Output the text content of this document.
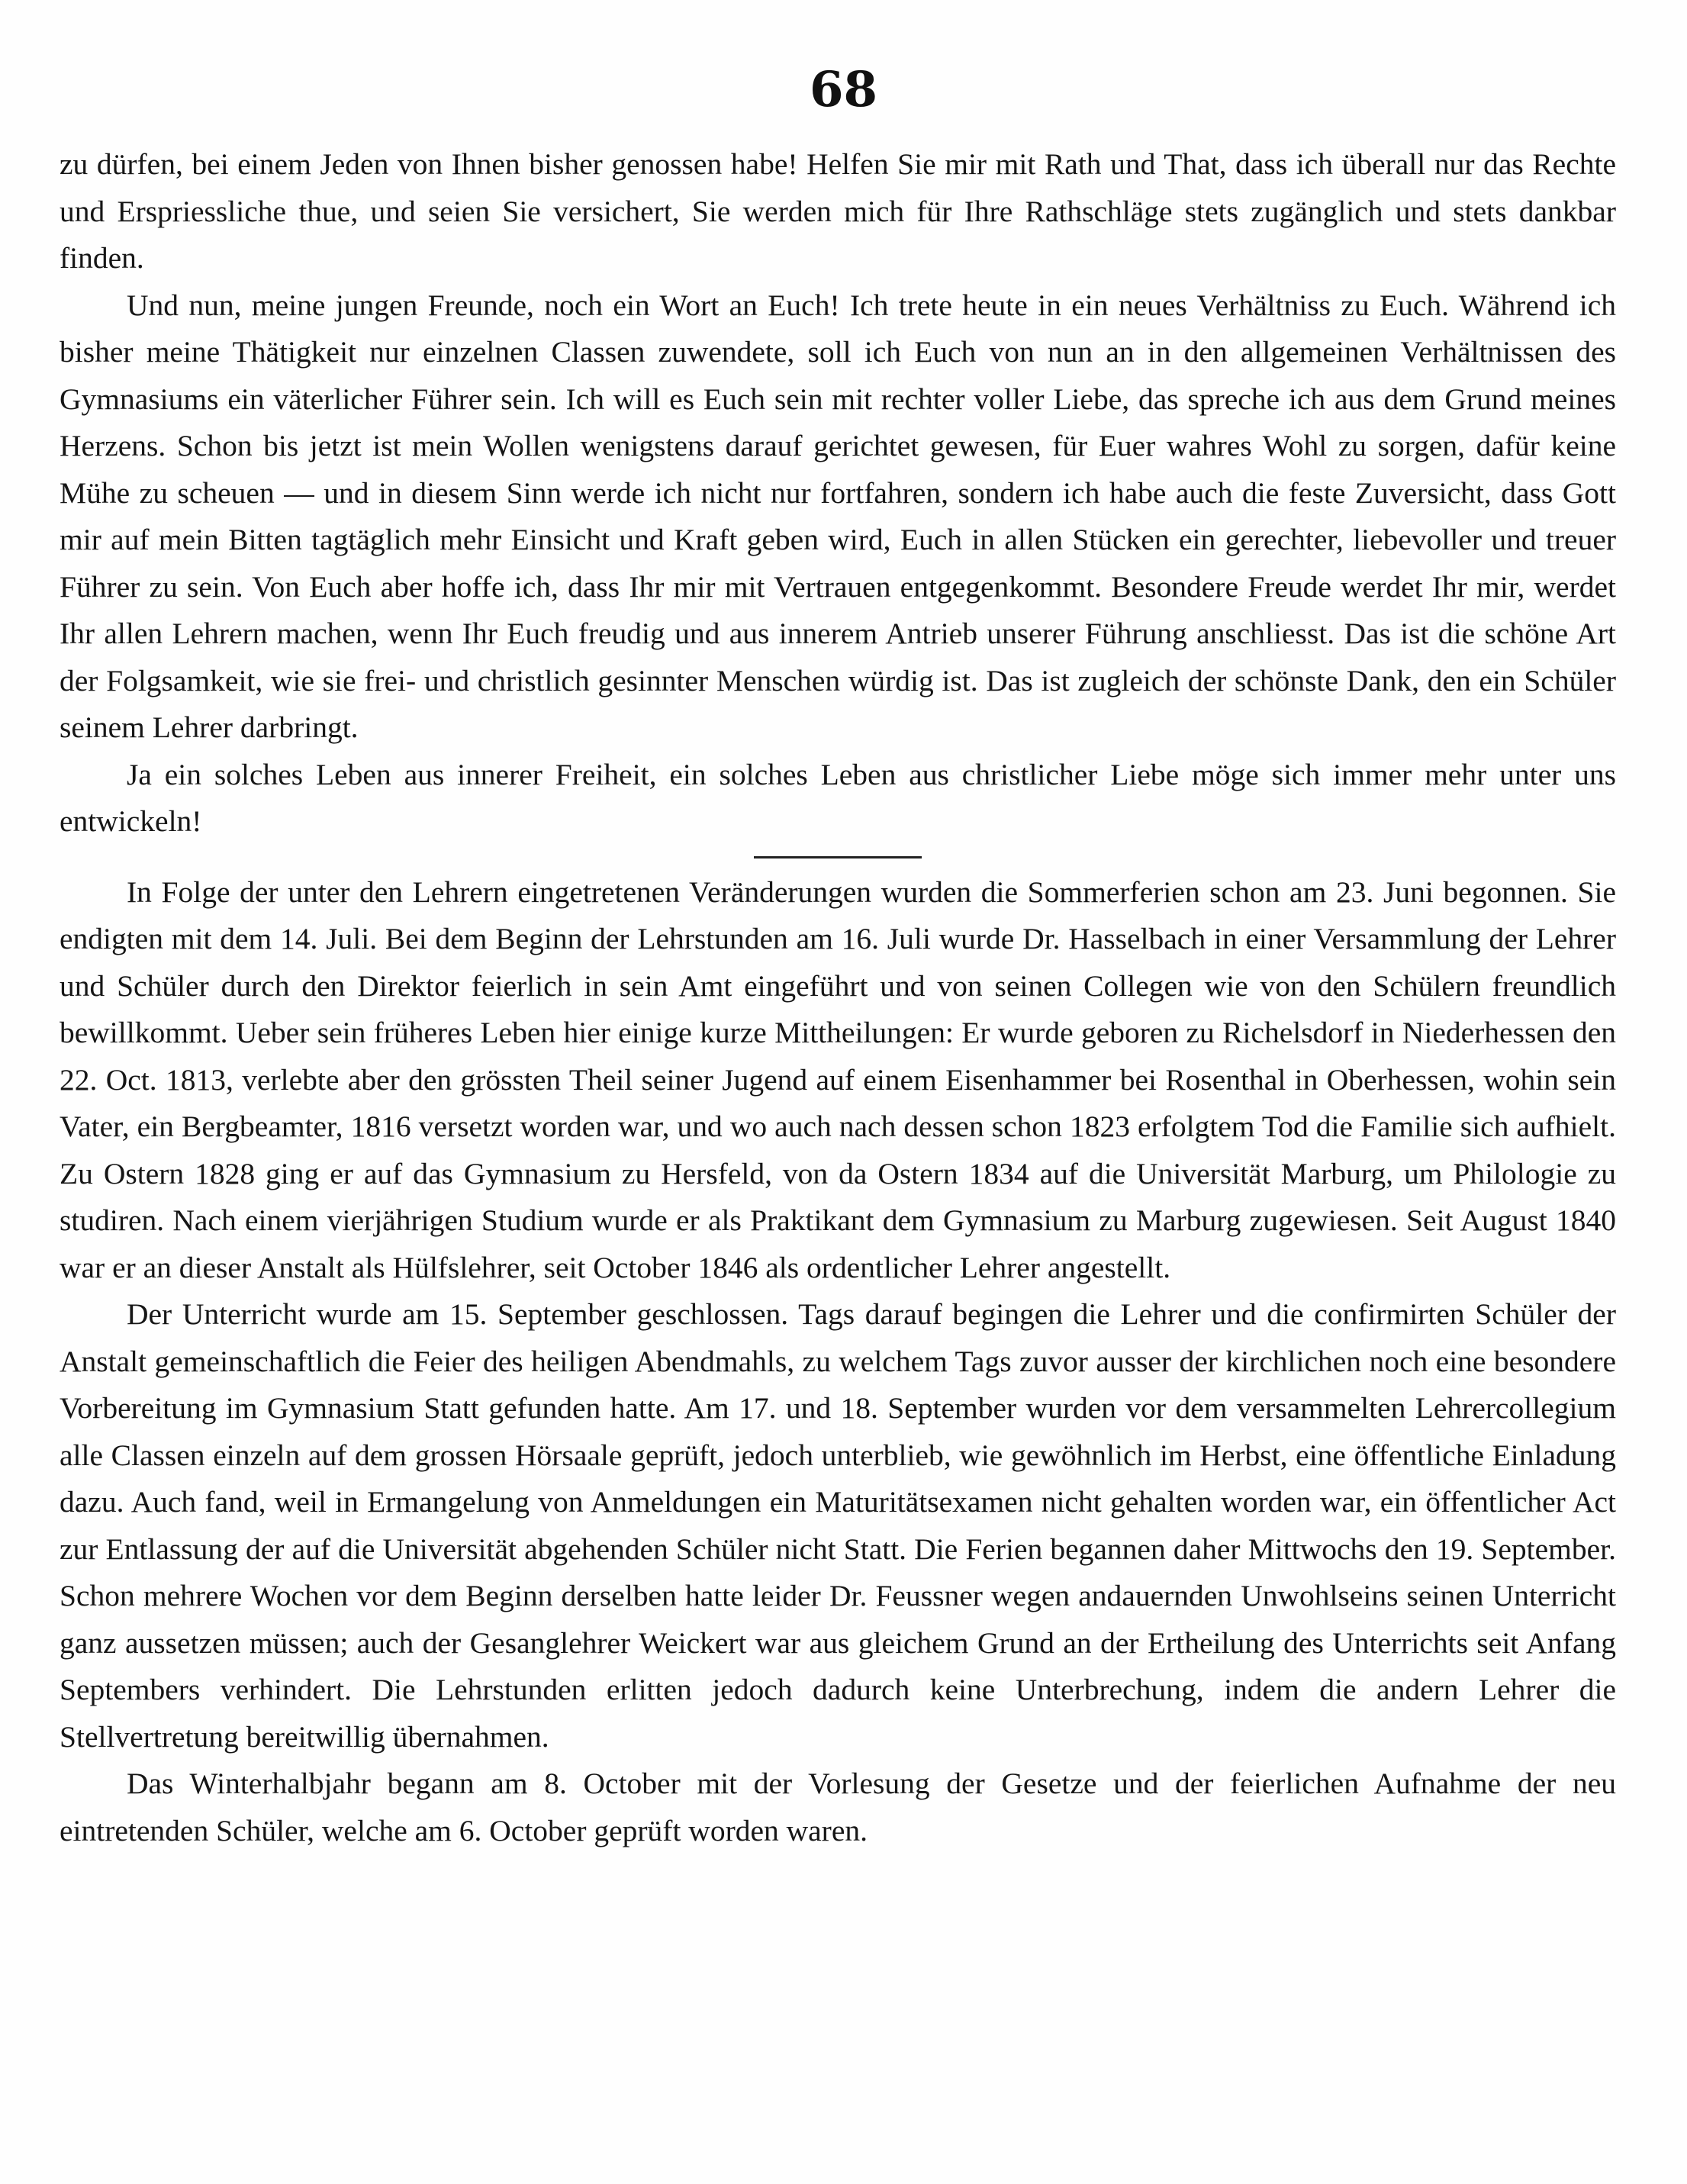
68

zu dürfen, bei einem Jeden von Ihnen bisher genossen habe! Helfen Sie mir mit Rath und That, dass ich überall nur das Rechte und Erspriessliche thue, und seien Sie versichert, Sie werden mich für Ihre Rathschläge stets zugänglich und stets dankbar finden.

Und nun, meine jungen Freunde, noch ein Wort an Euch! Ich trete heute in ein neues Verhältniss zu Euch. Während ich bisher meine Thätigkeit nur einzelnen Classen zuwendete, soll ich Euch von nun an in den allgemeinen Verhältnissen des Gymnasiums ein väterlicher Führer sein. Ich will es Euch sein mit rechter voller Liebe, das spreche ich aus dem Grund meines Herzens. Schon bis jetzt ist mein Wollen wenigstens darauf gerichtet gewesen, für Euer wahres Wohl zu sorgen, dafür keine Mühe zu scheuen — und in diesem Sinn werde ich nicht nur fortfahren, sondern ich habe auch die feste Zuversicht, dass Gott mir auf mein Bitten tagtäglich mehr Einsicht und Kraft geben wird, Euch in allen Stücken ein gerechter, liebevoller und treuer Führer zu sein. Von Euch aber hoffe ich, dass Ihr mir mit Vertrauen entgegenkommt. Besondere Freude werdet Ihr mir, werdet Ihr allen Lehrern machen, wenn Ihr Euch freudig und aus innerem Antrieb unserer Führung anschliesst. Das ist die schöne Art der Folgsamkeit, wie sie frei- und christlich gesinnter Menschen würdig ist. Das ist zugleich der schönste Dank, den ein Schüler seinem Lehrer darbringt.

Ja ein solches Leben aus innerer Freiheit, ein solches Leben aus christlicher Liebe möge sich immer mehr unter uns entwickeln!

In Folge der unter den Lehrern eingetretenen Veränderungen wurden die Sommerferien schon am 23. Juni begonnen. Sie endigten mit dem 14. Juli. Bei dem Beginn der Lehrstunden am 16. Juli wurde Dr. Hasselbach in einer Versammlung der Lehrer und Schüler durch den Direktor feierlich in sein Amt eingeführt und von seinen Collegen wie von den Schülern freundlich bewillkommt. Ueber sein früheres Leben hier einige kurze Mittheilungen: Er wurde geboren zu Richelsdorf in Niederhessen den 22. Oct. 1813, verlebte aber den grössten Theil seiner Jugend auf einem Eisenhammer bei Rosenthal in Oberhessen, wohin sein Vater, ein Bergbeamter, 1816 versetzt worden war, und wo auch nach dessen schon 1823 erfolgtem Tod die Familie sich aufhielt. Zu Ostern 1828 ging er auf das Gymnasium zu Hersfeld, von da Ostern 1834 auf die Universität Marburg, um Philologie zu studiren. Nach einem vierjährigen Studium wurde er als Praktikant dem Gymnasium zu Marburg zugewiesen. Seit August 1840 war er an dieser Anstalt als Hülfslehrer, seit October 1846 als ordentlicher Lehrer angestellt.

Der Unterricht wurde am 15. September geschlossen. Tags darauf begingen die Lehrer und die confirmirten Schüler der Anstalt gemeinschaftlich die Feier des heiligen Abendmahls, zu welchem Tags zuvor ausser der kirchlichen noch eine besondere Vorbereitung im Gymnasium Statt gefunden hatte. Am 17. und 18. September wurden vor dem versammelten Lehrercollegium alle Classen einzeln auf dem grossen Hörsaale geprüft, jedoch unterblieb, wie gewöhnlich im Herbst, eine öffentliche Einladung dazu. Auch fand, weil in Ermangelung von Anmeldungen ein Maturitätsexamen nicht gehalten worden war, ein öffentlicher Act zur Entlassung der auf die Universität abgehenden Schüler nicht Statt. Die Ferien begannen daher Mittwochs den 19. September. Schon mehrere Wochen vor dem Beginn derselben hatte leider Dr. Feussner wegen andauernden Unwohlseins seinen Unterricht ganz aussetzen müssen; auch der Gesanglehrer Weickert war aus gleichem Grund an der Ertheilung des Unterrichts seit Anfang Septembers verhindert. Die Lehrstunden erlitten jedoch dadurch keine Unterbrechung, indem die andern Lehrer die Stellvertretung bereitwillig übernahmen.

Das Winterhalbjahr begann am 8. October mit der Vorlesung der Gesetze und der feierlichen Aufnahme der neu eintretenden Schüler, welche am 6. October geprüft worden waren.
